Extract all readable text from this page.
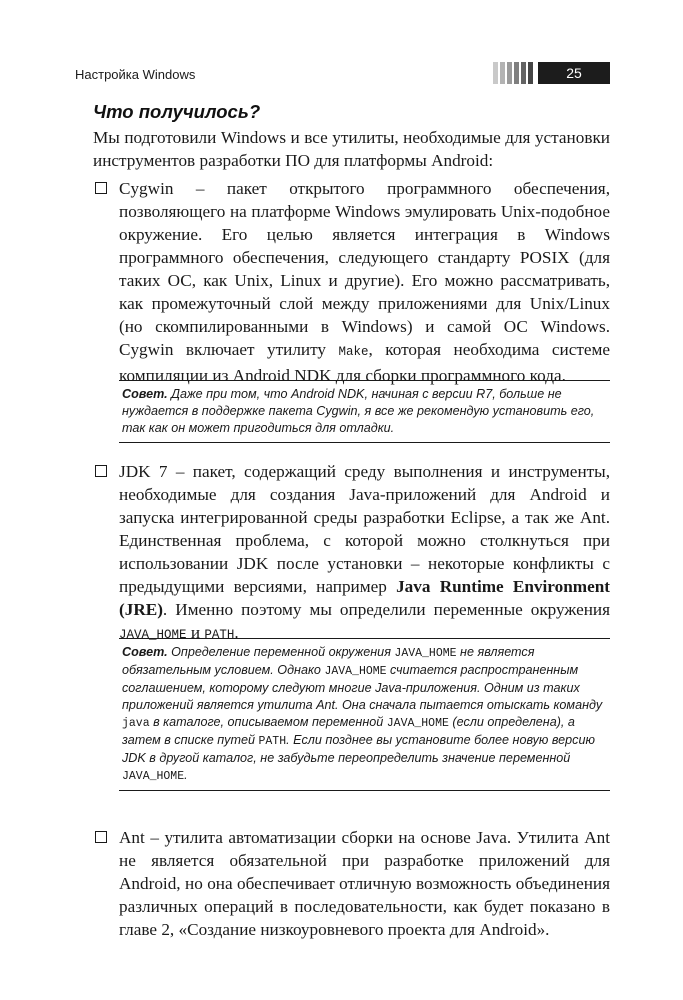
Настройка Windows	25
Что получилось?

Мы подготовили Windows и все утилиты, необходимые для установки инструментов разработки ПО для платформы Android:

Cygwin – пакет открытого программного обеспечения, позволяющего на платформе Windows эмулировать Unix-подобное окружение. Его целью является интеграция в Windows программного обеспечения, следующего стандарту POSIX (для таких ОС, как Unix, Linux и другие). Его можно рассматривать, как промежуточный слой между приложениями для Unix/Linux (но скомпилированными в Windows) и самой ОС Windows. Cygwin включает утилиту Make, которая необходима системе компиляции из Android NDK для сборки программного кода.

Совет. Даже при том, что Android NDK, начиная с версии R7, больше не нуждается в поддержке пакета Cygwin, я все же рекомендую установить его, так как он может пригодиться для отладки.

JDK 7 – пакет, содержащий среду выполнения и инструменты, необходимые для создания Java-приложений для Android и запуска интегрированной среды разработки Eclipse, а так же Ant. Единственная проблема, с которой можно столкнуться при использовании JDK после установки – некоторые конфликты с предыдущими версиями, например Java Runtime Environment (JRE). Именно поэтому мы определили переменные окружения JAVA_HOME и PATH.

Совет. Определение переменной окружения JAVA_HOME не является обязательным условием. Однако JAVA_HOME считается распространенным соглашением, которому следуют многие Java-приложения. Одним из таких приложений является утилита Ant. Она сначала пытается отыскать команду java в каталоге, описываемом переменной JAVA_HOME (если определена), а затем в списке путей PATH. Если позднее вы установите более новую версию JDK в другой каталог, не забудьте переопределить значение переменной JAVA_HOME.

Ant – утилита автоматизации сборки на основе Java. Утилита Ant не является обязательной при разработке приложений для Android, но она обеспечивает отличную возможность объединения различных операций в последовательности, как будет показано в главе 2, «Создание низкоуровневого проекта для Android».
